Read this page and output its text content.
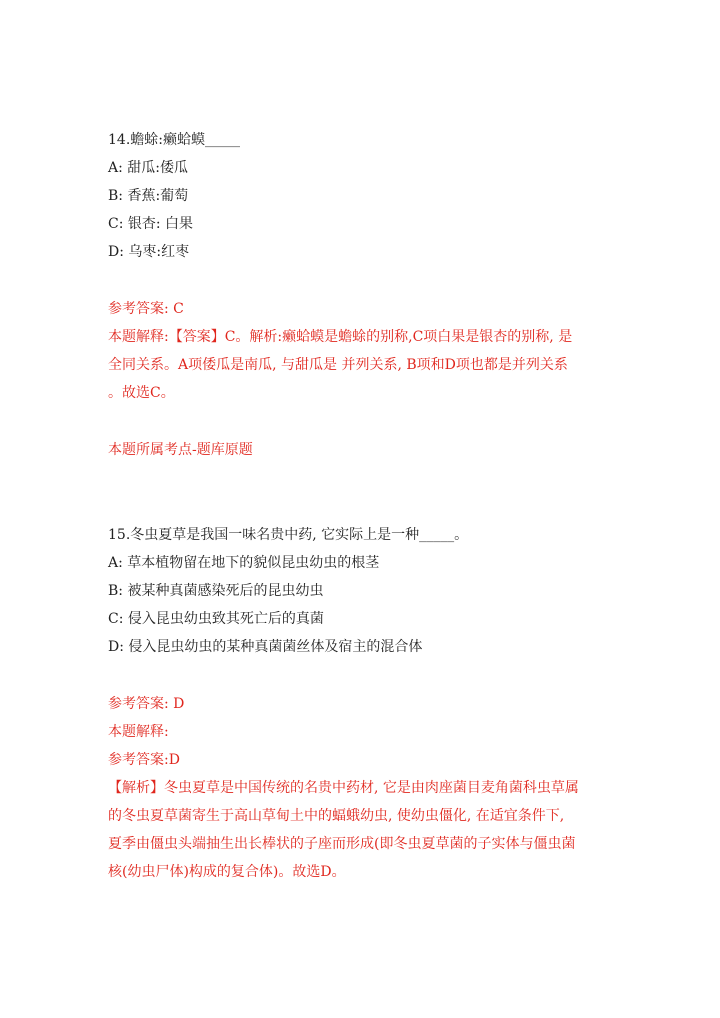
14.蟾蜍:癞蛤蟆_____
A: 甜瓜:倭瓜
B: 香蕉:葡萄
C: 银杏: 白果
D: 乌枣:红枣
参考答案: C
本题解释:【答案】C。解析:癞蛤蟆是蟾蜍的别称,C项白果是银杏的别称, 是
全同关系。A项倭瓜是南瓜, 与甜瓜是 并列关系, B项和D项也都是并列关系
。故选C。
本题所属考点-题库原题
15.冬虫夏草是我国一味名贵中药, 它实际上是一种_____。
A: 草本植物留在地下的貌似昆虫幼虫的根茎
B: 被某种真菌感染死后的昆虫幼虫
C: 侵入昆虫幼虫致其死亡后的真菌
D: 侵入昆虫幼虫的某种真菌菌丝体及宿主的混合体
参考答案: D
本题解释:
参考答案:D
【解析】冬虫夏草是中国传统的名贵中药材, 它是由肉座菌目麦角菌科虫草属
的冬虫夏草菌寄生于高山草甸土中的蝠蛾幼虫, 使幼虫僵化, 在适宜条件下,
夏季由僵虫头端抽生出长棒状的子座而形成(即冬虫夏草菌的子实体与僵虫菌
核(幼虫尸体)构成的复合体)。故选D。
